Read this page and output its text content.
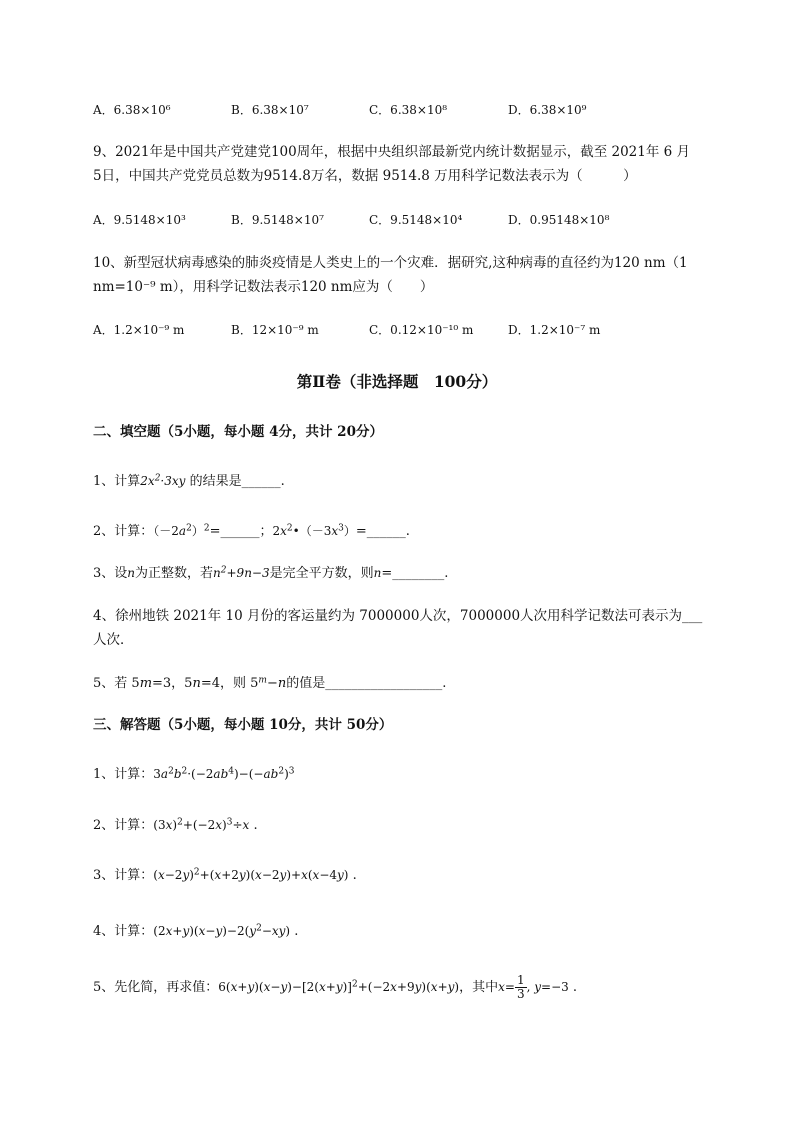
A．6.38×10⁶	B．6.38×10⁷	C．6.38×10⁸	D．6.38×10⁹
9、2021年是中国共产党建党100周年，根据中央组织部最新党内统计数据显示，截至 2021年 6 月
5日，中国共产党党员总数为9514.8万名，数据 9514.8 万用科学记数法表示为（　　　）
A．9.5148×10³	B．9.5148×10⁷	C．9.5148×10⁴	D．0.95148×10⁸
10、新型冠状病毒感染的肺炎疫情是人类史上的一个灾难．据研究,这种病毒的直径约为120 nm（1
nm=10⁻⁹ m），用科学记数法表示120 nm应为（　　）
A．1.2×10⁻⁹ m	B．12×10⁻⁹ m	C．0.12×10⁻¹⁰ m	D．1.2×10⁻⁷ m
第Ⅱ卷（非选择题　100分）
二、填空题（5小题，每小题 4分，共计 20分）
1、计算$2x^2\cdot 3xy$ 的结果是______.
2、计算：$(-2a^2)^2=\_\_\_\_\_\_$；$2x^2•(-3x^3)=\_\_\_\_\_\_$.
3、设n为正整数，若$n^2+9n-3$是完全平方数，则n=________.
4、徐州地铁 2021年 10 月份的客运量约为 7000000人次，7000000人次用科学记数法可表示为___
人次．
5、若 5m=3，5n=4，则 $5^m-n$的值是__________________.
三、解答题（5小题，每小题 10分，共计 50分）
1、计算：$3a^2b^2\cdot(-2ab^4)-(-ab^2)^3$
2、计算：$(3x)^2+(-2x)^3\div x$ .
3、计算：$(x-2y)^2+(x+2y)(x-2y)+x(x-4y)$ .
4、计算：$(2x+y)(x-y)-2(y^2-xy)$ .
5、先化简，再求值：$6(x+y)(x-y)-[2(x+y)]^2+(-2x+9y)(x+y)$，其中$x= \frac{1}{3}$ , y=−3 .
